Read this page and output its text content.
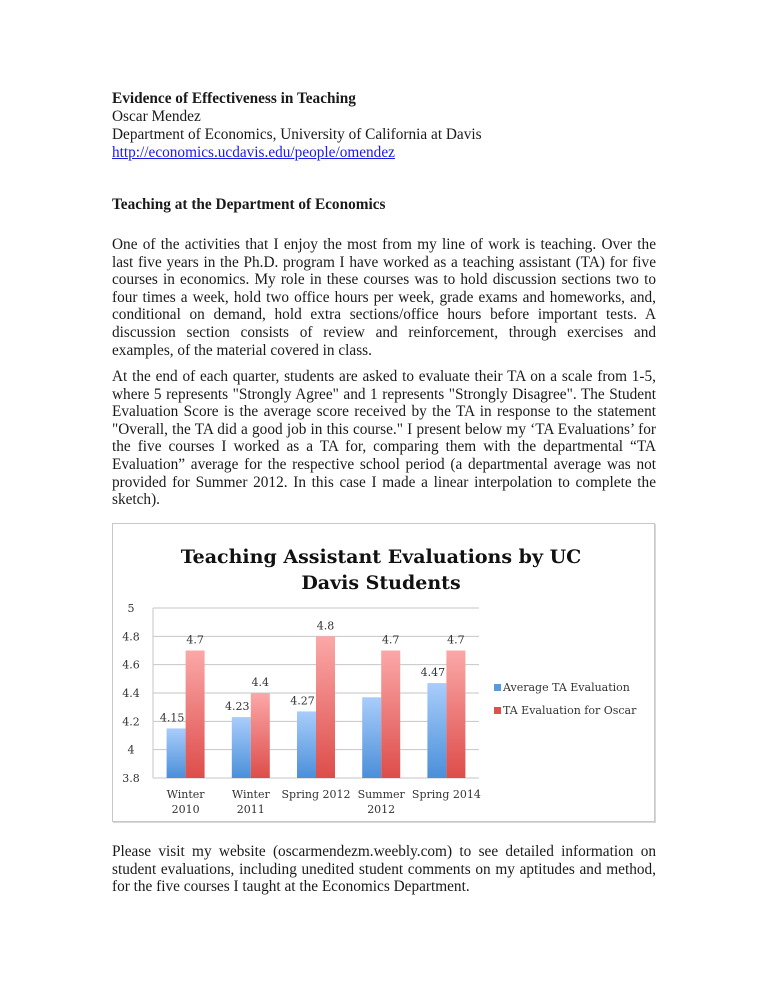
Evidence of Effectiveness in Teaching
Oscar Mendez
Department of Economics, University of California at Davis
http://economics.ucdavis.edu/people/omendez
Teaching at the Department of Economics
One of the activities that I enjoy the most from my line of work is teaching. Over the last five years in the Ph.D. program I have worked as a teaching assistant (TA) for five courses in economics. My role in these courses was to hold discussion sections two to four times a week, hold two office hours per week, grade exams and homeworks, and, conditional on demand, hold extra sections/office hours before important tests. A discussion section consists of review and reinforcement, through exercises and examples, of the material covered in class.
At the end of each quarter, students are asked to evaluate their TA on a scale from 1-5, where 5 represents "Strongly Agree" and 1 represents "Strongly Disagree". The Student Evaluation Score is the average score received by the TA in response to the statement "Overall, the TA did a good job in this course." I present below my ‘TA Evaluations’ for the five courses I worked as a TA for, comparing them with the departmental “TA Evaluation” average for the respective school period (a departmental average was not provided for Summer 2012. In this case I made a linear interpolation to complete the sketch).
Please visit my website (oscarmendezm.weebly.com) to see detailed information on student evaluations, including unedited student comments on my aptitudes and method, for the five courses I taught at the Economics Department.
Teaching Assistant Evaluations by UC
Davis Students
3.8
4
4.2
4.4
4.6
4.8
5
4.15
4.23	4.27
4.47
4.7
4.4
4.8
4.7	4.7
Winter
2010
Winter
2011
Spring 2012 Summer
2012
Spring 2014
Average TA Evaluation
TA Evaluation for Oscar
